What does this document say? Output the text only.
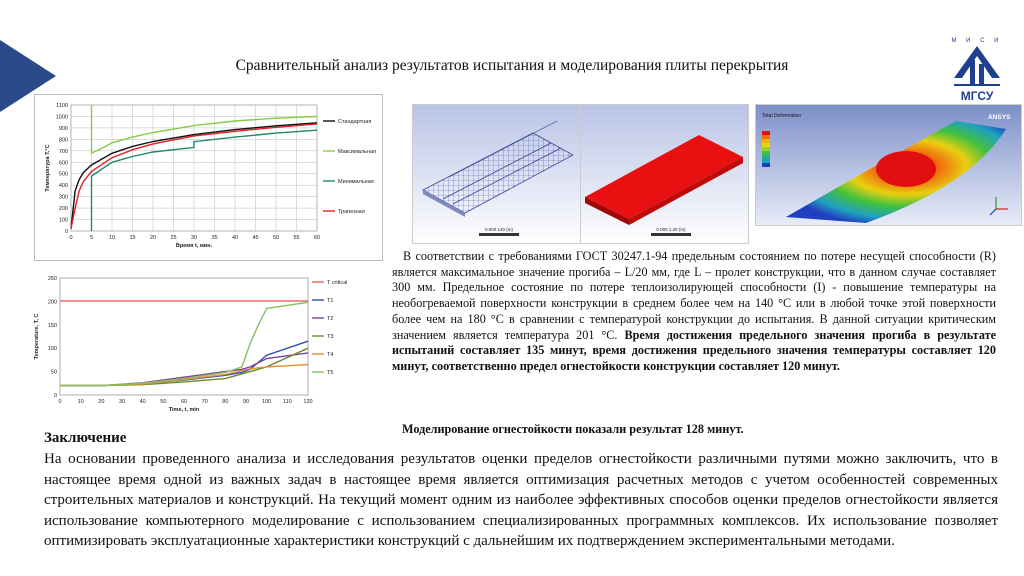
Сравнительный анализ результатов испытания и моделирования плиты перекрытия
М И С И
МГСУ
0
100
200
300
400
500
600
700
800
900
1000
1100
0	5	10	15	20	25	30	35	40	45	50	55	60
Время t, мин.
Температура Т,°С
Стандартная
Максимальная
Минимальная
Трапезная
0
50
100
150
200
250
0	10	20	30	40	50	60	70	80	90 100 110 120
Time, t, min
Temperature, T, C
T critical
T1
T2
T3
T4
T5
0.000 120 (m)	0.000 1.20 (m)
Total Deformation	ANSYS
В соответствии с требованиями ГОСТ 30247.1-94 предельным состоянием по потере несущей способности (R) является максимальное значение прогиба – L/20 мм, где L – пролет конструкции, что в данном случае составляет 300 мм. Предельное состояние по потере теплоизолирующей способности (I) - повышение температуры на необогреваемой поверхности конструкции в среднем более чем на 140 °С или в любой точке этой поверхности более чем на 180 °С в сравнении с температурой конструкции до испытания. В данной ситуации критическим значением является температура 201 °С. Время достижения предельного значения прогиба в результате испытаний составляет 135 минут, время достижения предельного значения температуры составляет 120 минут, соответственно предел огнестойкости конструкции составляет 120 минут.
Моделирование огнестойкости показали результат 128 минут.
Заключение
На основании проведенного анализа и исследования результатов оценки пределов огнестойкости различными путями можно заключить, что в настоящее время одной из важных задач в настоящее время является оптимизация расчетных методов с учетом особенностей современных строительных материалов и конструкций. На текущий момент одним из наиболее эффективных способов оценки пределов огнестойкости является использование компьютерного моделирование с использованием специализированных программных комплексов. Их использование позволяет оптимизировать эксплуатационные характеристики конструкций с дальнейшим их подтверждением экспериментальными методами.
